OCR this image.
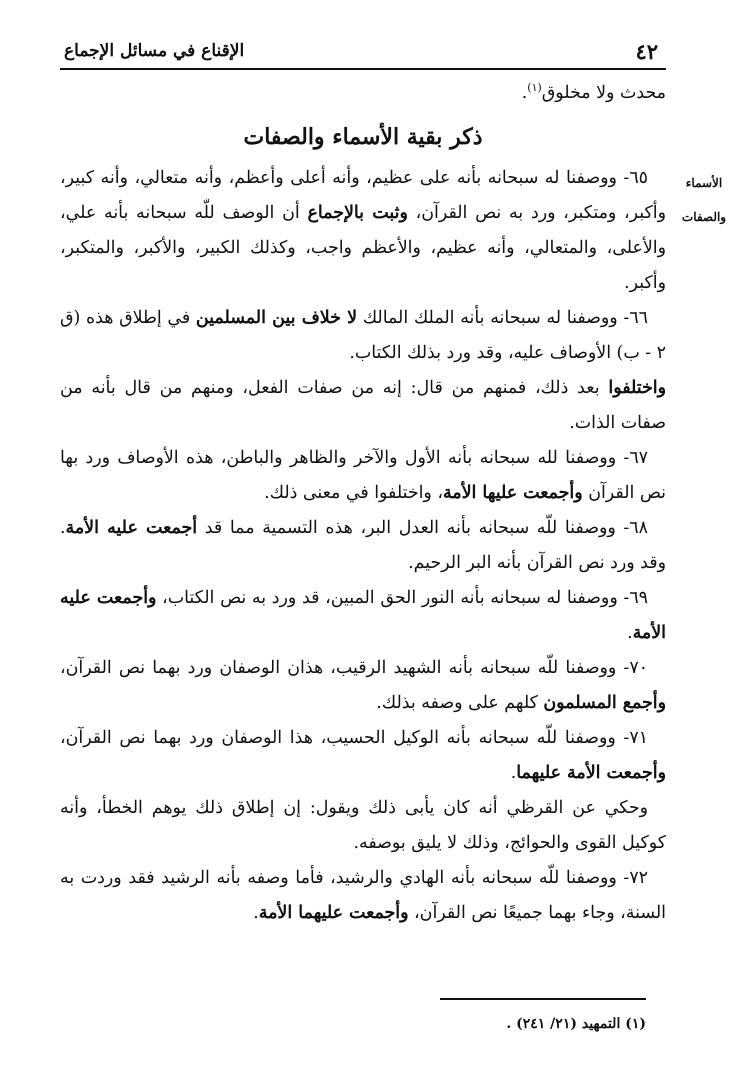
٤٢
الإقناع في مسائل الإجماع
الأسماء
والصفات

محدث ولا مخلوق$^{(١)}$.

ذكر بقية الأسماء والصفات

٦٥- ووصفنا له سبحانه بأنه على عظيم، وأنه أعلى وأعظم، وأنه متعالي، وأنه كبير، وأكبر، ومتكبر، ورد به نص القرآن، وثبت بالإجماع أن الوصف للّه سبحانه بأنه علي، والأعلى، والمتعالي، وأنه عظيم، والأعظم واجب، وكذلك الكبير، والأكبر، والمتكبر، وأكبر.

٦٦- ووصفنا له سبحانه بأنه الملك المالك لا خلاف بين المسلمين في إطلاق هذه (ق ٢ - ب) الأوصاف عليه، وقد ورد بذلك الكتاب.

واختلفوا بعد ذلك، فمنهم من قال: إنه من صفات الفعل، ومنهم من قال بأنه من صفات الذات.

٦٧- ووصفنا لله سبحانه بأنه الأول والآخر والظاهر والباطن، هذه الأوصاف ورد بها نص القرآن وأجمعت عليها الأمة، واختلفوا في معنى ذلك.

٦٨- ووصفنا للّه سبحانه بأنه العدل البر، هذه التسمية مما قد أجمعت عليه الأمة. وقد ورد نص القرآن بأنه البر الرحيم.

٦٩- ووصفنا له سبحانه بأنه النور الحق المبين، قد ورد به نص الكتاب، وأجمعت عليه الأمة.

٧٠- ووصفنا للّه سبحانه بأنه الشهيد الرقيب، هذان الوصفان ورد بهما نص القرآن، وأجمع المسلمون كلهم على وصفه بذلك.

٧١- ووصفنا للّه سبحانه بأنه الوكيل الحسيب، هذا الوصفان ورد بهما نص القرآن، وأجمعت الأمة عليهما.

وحكي عن القرظي أنه كان يأبى ذلك ويقول: إن إطلاق ذلك يوهم الخطأ، وأنه كوكيل القوى والحوائج، وذلك لا يليق بوصفه.

٧٢- ووصفنا للّه سبحانه بأنه الهادي والرشيد، فأما وصفه بأنه الرشيد فقد وردت به السنة، وجاء بهما جميعًا نص القرآن، وأجمعت عليهما الأمة.

(١) التمهيد (٢١/ ٢٤١) .
